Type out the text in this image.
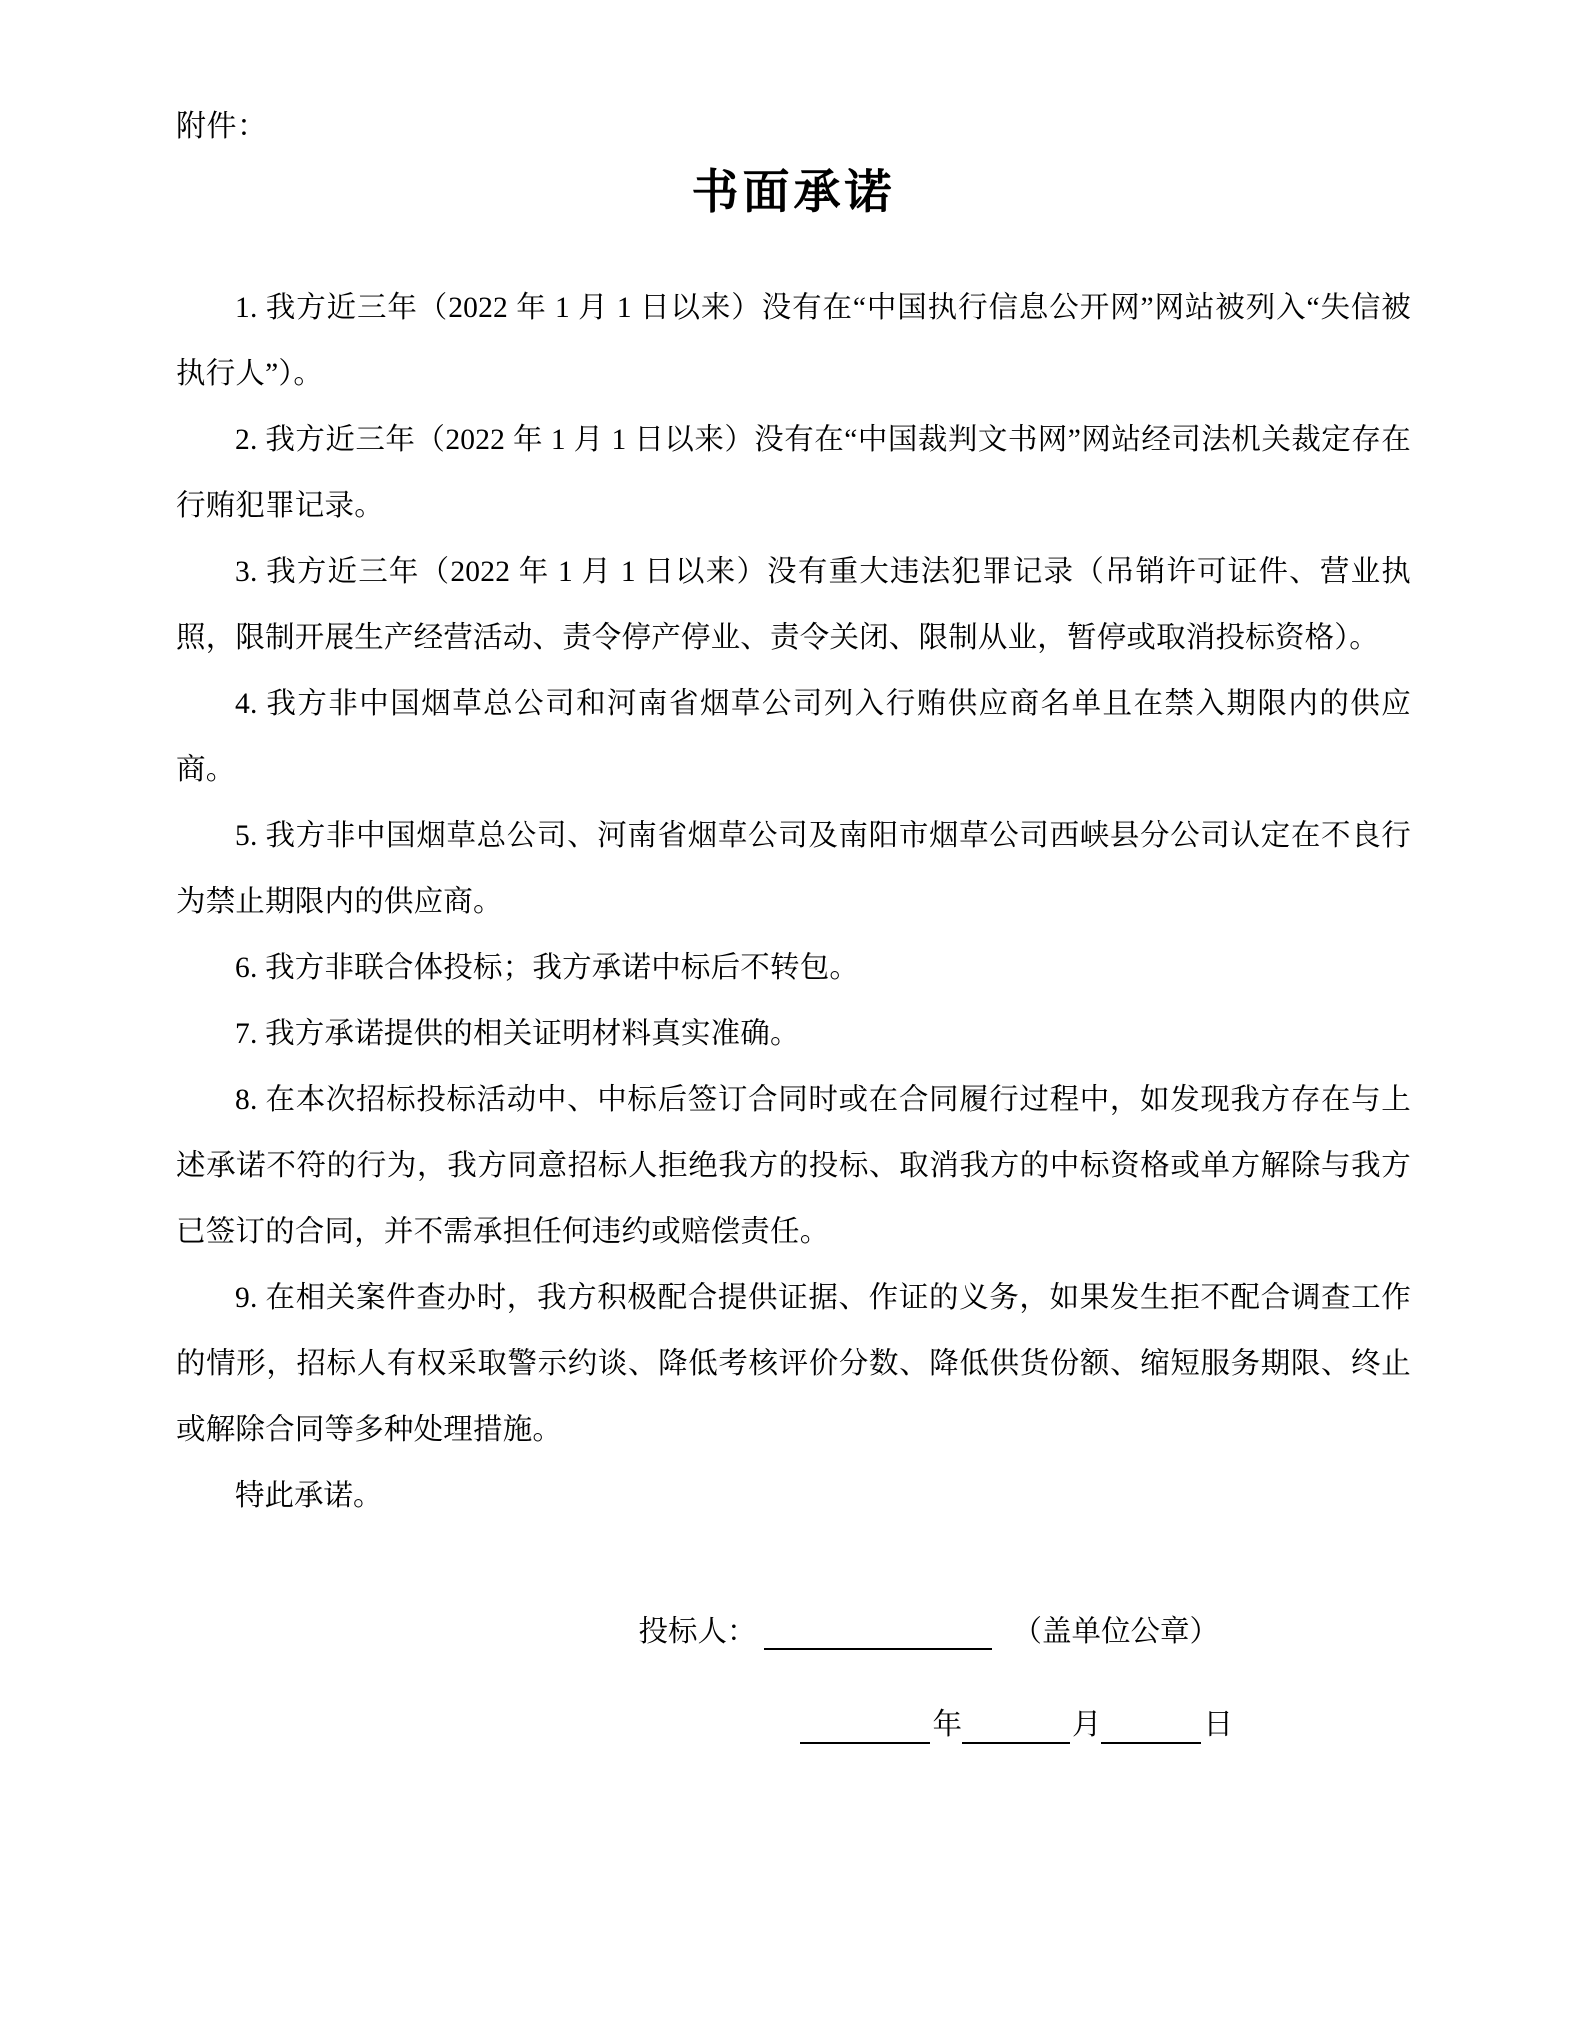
附件：
书面承诺

1. 我方近三年（2022 年 1 月 1 日以来）没有在“中国执行信息公开网”网站被列入“失信被执行人”）。

2. 我方近三年（2022 年 1 月 1 日以来）没有在“中国裁判文书网”网站经司法机关裁定存在行贿犯罪记录。

3. 我方近三年（2022 年 1 月 1 日以来）没有重大违法犯罪记录（吊销许可证件、营业执照，限制开展生产经营活动、责令停产停业、责令关闭、限制从业，暂停或取消投标资格）。

4. 我方非中国烟草总公司和河南省烟草公司列入行贿供应商名单且在禁入期限内的供应商。

5. 我方非中国烟草总公司、河南省烟草公司及南阳市烟草公司西峡县分公司认定在不良行为禁止期限内的供应商。

6. 我方非联合体投标；我方承诺中标后不转包。

7. 我方承诺提供的相关证明材料真实准确。

8. 在本次招标投标活动中、中标后签订合同时或在合同履行过程中，如发现我方存在与上述承诺不符的行为，我方同意招标人拒绝我方的投标、取消我方的中标资格或单方解除与我方已签订的合同，并不需承担任何违约或赔偿责任。

9. 在相关案件查办时，我方积极配合提供证据、作证的义务，如果发生拒不配合调查工作的情形，招标人有权采取警示约谈、降低考核评价分数、降低供货份额、缩短服务期限、终止或解除合同等多种处理措施。

特此承诺。

投标人：	（盖单位公章）
年	月	日
